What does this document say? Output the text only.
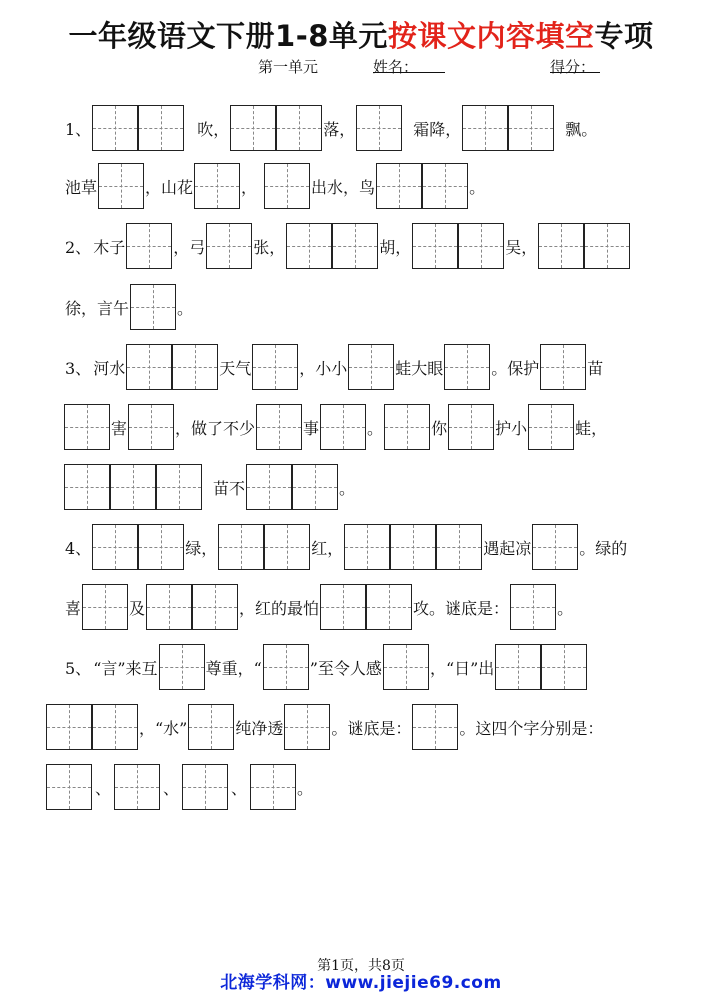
一年级语文下册1-8单元按课文内容填空专项
第一单元	姓名：	得分：
1、	吹，	落，	霜降，	飘。
池草	，山花	，	出水，鸟	。
2、 木子	，弓	张，	胡，	吴，
徐，言午	。
3、 河水	天气	，小小	蛙大眼	。保护	苗
害	，做了不少	事	。	你	护小	蛙，
苗不	。
4、	绿，	红，	遇起凉	。绿的
喜	及	，红的最怕	攻。谜底是：	。
5、 “言”来互	尊重，“	”至令人感	，“日”出
，“水”	纯净透	。谜底是：	。这四个字分别是：
、	、	、	。
第1页，共8页
北海学科网：www.jiejie69.com
